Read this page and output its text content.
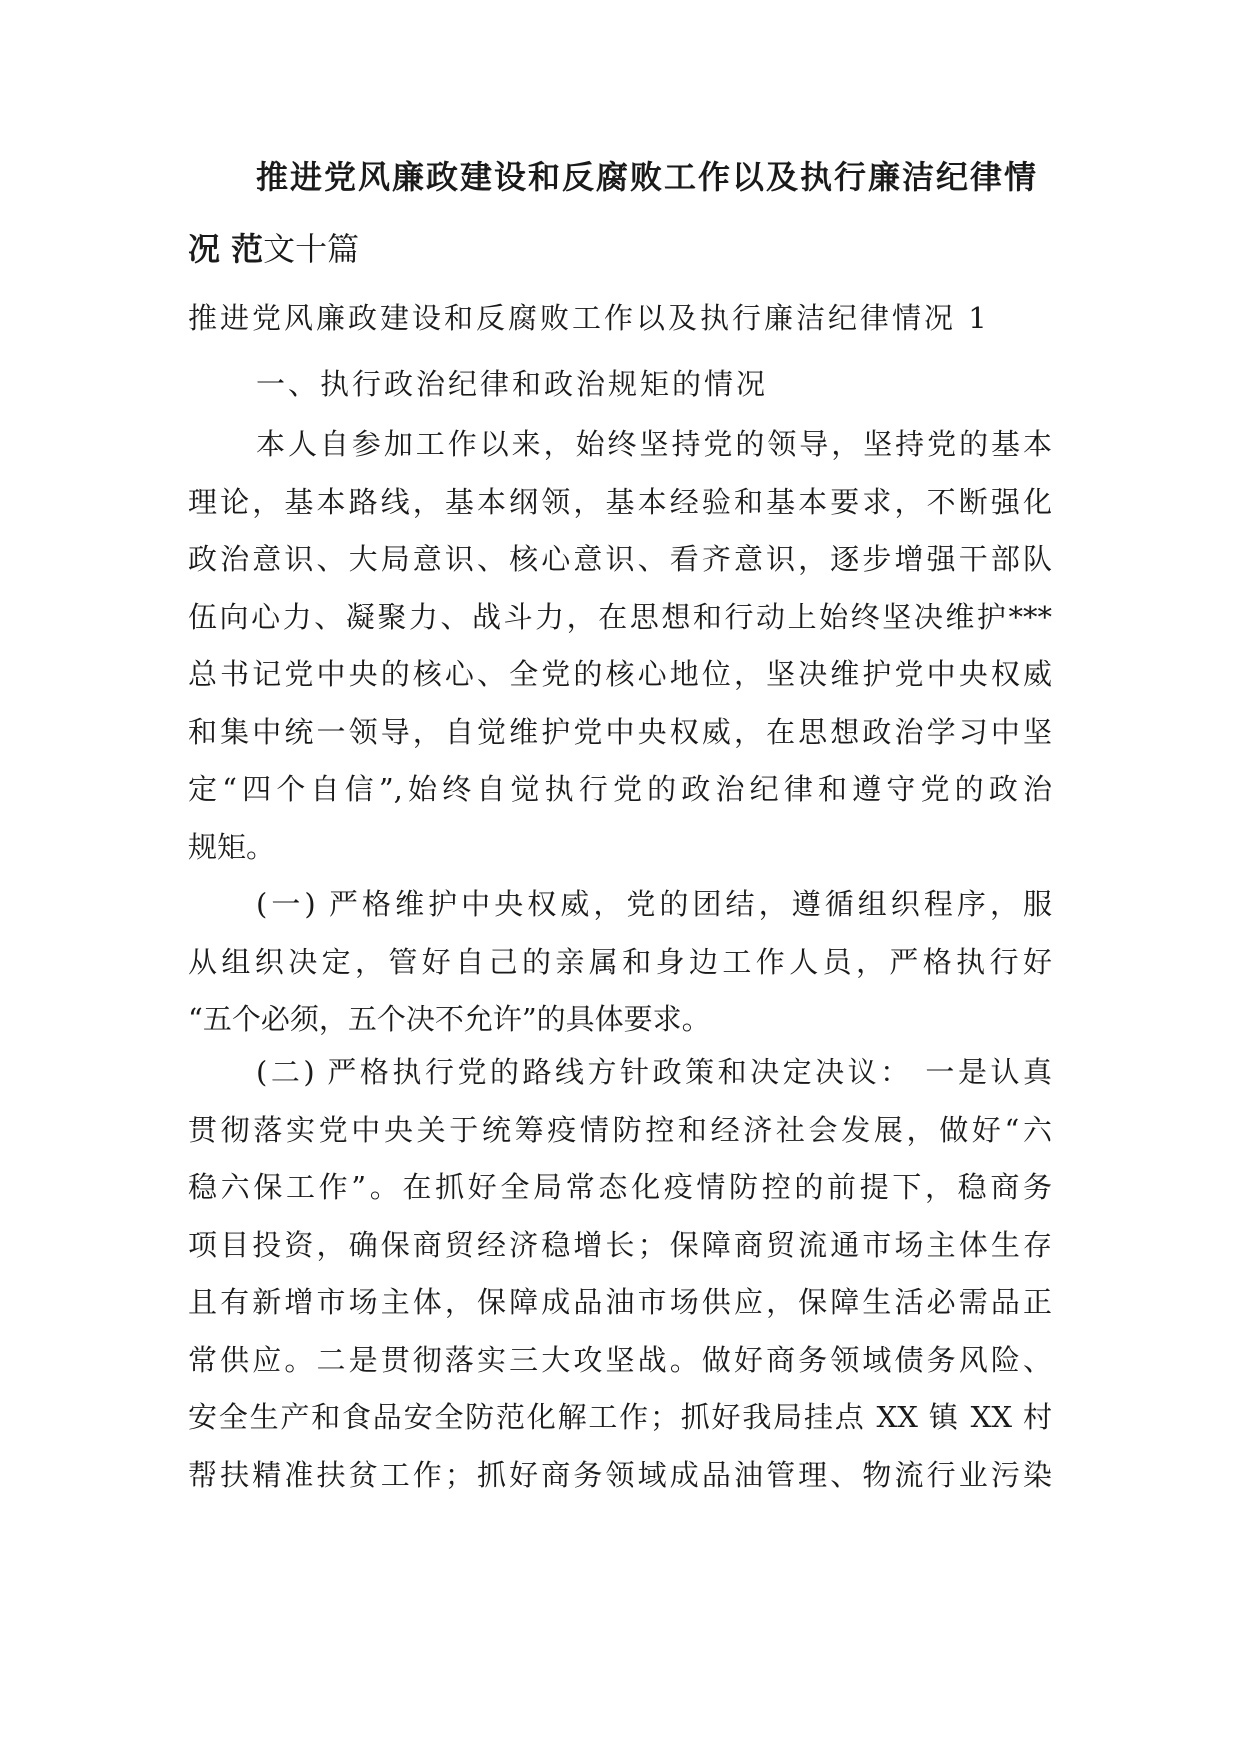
推进党风廉政建设和反腐败工作以及执行廉洁纪律情
况 范文十篇
推进党风廉政建设和反腐败工作以及执行廉洁纪律情况 1
一、执行政治纪律和政治规矩的情况
本人自参加工作以来，始终坚持党的领导，坚持党的基本
理论，基本路线，基本纲领，基本经验和基本要求，不断强化
政治意识、大局意识、核心意识、看齐意识，逐步增强干部队
伍向心力、凝聚力、战斗力，在思想和行动上始终坚决维护***
总书记党中央的核心、全党的核心地位，坚决维护党中央权威
和集中统一领导，自觉维护党中央权威，在思想政治学习中坚
定“四个自信”,始终自觉执行党的政治纪律和遵守党的政治
规矩。
(一) 严格维护中央权威，党的团结，遵循组织程序，服
从组织决定，管好自己的亲属和身边工作人员，严格执行好
“五个必须，五个决不允许”的具体要求。
(二) 严格执行党的路线方针政策和决定决议： 一是认真
贯彻落实党中央关于统筹疫情防控和经济社会发展，做好“六
稳六保工作”。在抓好全局常态化疫情防控的前提下，稳商务
项目投资，确保商贸经济稳增长；保障商贸流通市场主体生存
且有新增市场主体，保障成品油市场供应，保障生活必需品正
常供应。二是贯彻落实三大攻坚战。做好商务领域债务风险、
安全生产和食品安全防范化解工作；抓好我局挂点 XX 镇 XX 村
帮扶精准扶贫工作；抓好商务领域成品油管理、物流行业污染
